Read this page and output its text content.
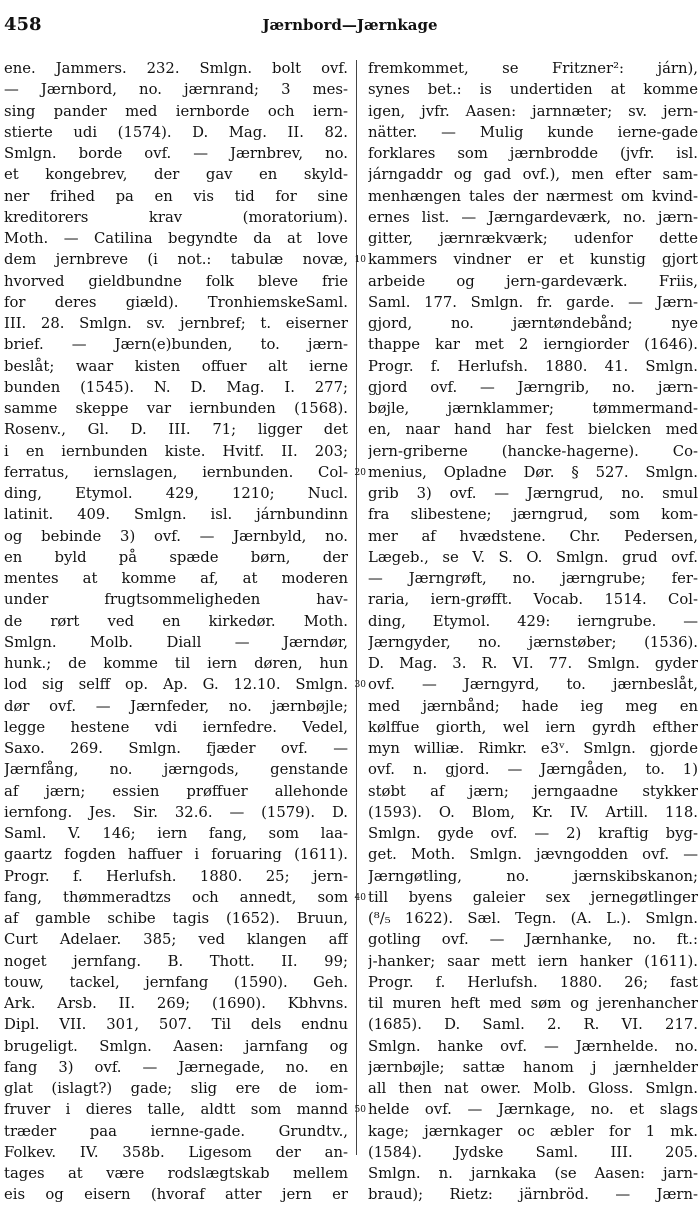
458	Jærnbord—Jærnkage
ene. Jammers. 232. Smlgn. bolt ovf.
— Jærnbord, no. jærnrand; 3 mes-
sing pander med iernborde och iern-
stierte udi (1574). D. Mag. II. 82.
Smlgn. borde ovf. — Jærnbrev, no.
et kongebrev, der gav en skyld-
ner frihed pa en vis tid for sine
kreditorers krav (moratorium).
Moth. — Catilina begyndte da at love
dem jernbreve (i not.: tabulæ novæ,
hvorved gieldbundne folk bleve frie
for deres giæld). TronhiemskeSaml.
III. 28. Smlgn. sv. jernbref; t. eiserner
brief. — Jærn(e)bunden, to. jærn-
beslåt; waar kisten offuer alt ierne
bunden (1545). N. D. Mag. I. 277;
samme skeppe var iernbunden (1568).
Rosenv., Gl. D. III. 71; ligger det
i en iernbunden kiste. Hvitf. II. 203;
ferratus, iernslagen, iernbunden. Col-
ding, Etymol. 429, 1210; Nucl.
latinit. 409. Smlgn. isl. járnbundinn
og bebinde 3) ovf. — Jærnbyld, no.
en byld på spæde børn, der
mentes at komme af, at moderen
under frugtsommeligheden hav-
de rørt ved en kirkedør. Moth.
Smlgn. Molb. Diall — Jærndør,
hunk.; de komme til iern døren, hun
lod sig selff op. Ap. G. 12.10. Smlgn.
dør ovf. — Jærnfeder, no. jærnbøjle;
legge hestene vdi iernfedre. Vedel,
Saxo. 269. Smlgn. fjæder ovf. —
Jærnfång, no. jærngods, genstande
af jærn; essien prøffuer allehonde
iernfong. Jes. Sir. 32.6. — (1579). D.
Saml. V. 146; iern fang, som laa-
gaartz fogden haffuer i foruaring (1611).
Progr. f. Herlufsh. 1880. 25; jern-
fang, thømmeradtzs och annedt, som
af gamble schibe tagis (1652). Bruun,
Curt Adelaer. 385; ved klangen aff
noget jernfang. B. Thott. II. 99;
touw, tackel, jernfang (1590). Geh.
Ark. Arsb. II. 269; (1690). Kbhvns.
Dipl. VII. 301, 507. Til dels endnu
brugeligt. Smlgn. Aasen: jarnfang og
fang 3) ovf. — Jærnegade, no. en
glat (islagt?) gade; slig ere de iom-
fruver i dieres talle, aldtt som mannd
træder paa iernne-gade. Grundtv.,
Folkev. IV. 358b. Ligesom der an-
tages at være rodslægtskab mellem
eis og eisern (hvoraf atter jern er
10
20
30
40
50
fremkommet, se Fritzner²: járn),
synes bet.: is undertiden at komme
igen, jvfr. Aasen: jarnnæter; sv. jern-
nätter. — Mulig kunde ierne-gade
forklares som jærnbrodde (jvfr. isl.
járngaddr og gad ovf.), men efter sam-
menhængen tales der nærmest om kvind-
ernes list. — Jærngardeværk, no. jærn-
gitter, jærnrækværk; udenfor dette
kammers vindner er et kunstig gjort
arbeide og jern-gardeværk. Friis,
Saml. 177. Smlgn. fr. garde. — Jærn-
gjord, no. jærntøndebånd; nye
thappe kar met 2 ierngiorder (1646).
Progr. f. Herlufsh. 1880. 41. Smlgn.
gjord ovf. — Jærngrib, no. jærn-
bøjle, jærnklammer; tømmermand-
en, naar hand har fest bielcken med
jern-griberne (hancke-hagerne). Co-
menius, Opladne Dør. § 527. Smlgn.
grib 3) ovf. — Jærngrud, no. smul
fra slibestene; jærngrud, som kom-
mer af hvædstene. Chr. Pedersen,
Lægeb., se V. S. O. Smlgn. grud ovf.
— Jærngrøft, no. jærngrube; fer-
raria, iern-grøfft. Vocab. 1514. Col-
ding, Etymol. 429: ierngrube. —
Jærngyder, no. jærnstøber; (1536).
D. Mag. 3. R. VI. 77. Smlgn. gyder
ovf. — Jærngyrd, to. jærnbeslåt,
med jærnbånd; hade ieg meg en
kølffue giorth, wel iern gyrdh efther
myn williæ. Rimkr. e3ᵛ. Smlgn. gjorde
ovf. n. gjord. — Jærngåden, to. 1)
støbt af jærn; jerngaadne stykker
(1593). O. Blom, Kr. IV. Artill. 118.
Smlgn. gyde ovf. — 2) kraftig byg-
get. Moth. Smlgn. jævngodden ovf. —
Jærngøtling, no. jærnskibskanon;
till byens galeier sex jernegøtlinger
(⁸/₅ 1622). Sæl. Tegn. (A. L.). Smlgn.
gotling ovf. — Jærnhanke, no. ft.:
j-hanker; saar mett iern hanker (1611).
Progr. f. Herlufsh. 1880. 26; fast
til muren heft med søm og jerenhancher
(1685). D. Saml. 2. R. VI. 217.
Smlgn. hanke ovf. — Jærnhelde. no.
jærnbøjle; sattæ hanom j jærnhelder
all then nat ower. Molb. Gloss. Smlgn.
helde ovf. — Jærnkage, no. et slags
kage; jærnkager oc æbler for 1 mk.
(1584). Jydske Saml. III. 205.
Smlgn. n. jarnkaka (se Aasen: jarn-
braud); Rietz: järnbröd. — Jærn-
